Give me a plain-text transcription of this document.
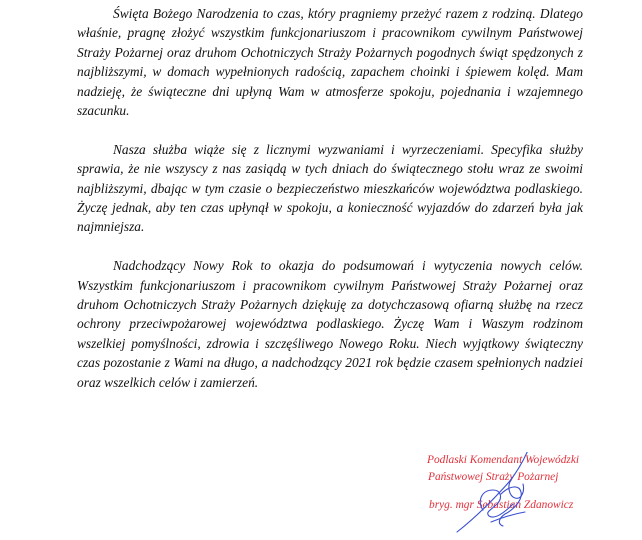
Święta Bożego Narodzenia to czas, który pragniemy przeżyć razem z rodziną. Dlatego właśnie, pragnę złożyć wszystkim funkcjonariuszom i pracownikom cywilnym Państwowej Straży Pożarnej oraz druhom Ochotniczych Straży Pożarnych pogodnych świąt spędzonych z najbliższymi, w domach wypełnionych radością, zapachem choinki i śpiewem kolęd. Mam nadzieję, że świąteczne dni upłyną Wam w atmosferze spokoju, pojednania i wzajemnego szacunku.

Nasza służba wiąże się z licznymi wyzwaniami i wyrzeczeniami. Specyfika służby sprawia, że nie wszyscy z nas zasiądą w tych dniach do świątecznego stołu wraz ze swoimi najbliższymi, dbając w tym czasie o bezpieczeństwo mieszkańców województwa podlaskiego. Życzę jednak, aby ten czas upłynął w spokoju, a konieczność wyjazdów do zdarzeń była jak najmniejsza.

Nadchodzący Nowy Rok to okazja do podsumowań i wytyczenia nowych celów. Wszystkim funkcjonariuszom i pracownikom cywilnym Państwowej Straży Pożarnej oraz druhom Ochotniczych Straży Pożarnych dziękuję za dotychczasową ofiarną służbę na rzecz ochrony przeciwpożarowej województwa podlaskiego. Życzę Wam i Waszym rodzinom wszelkiej pomyślności, zdrowia i szczęśliwego Nowego Roku. Niech wyjątkowy świąteczny czas pozostanie z Wami na długo, a nadchodzący 2021 rok będzie czasem spełnionych nadziei oraz wszelkich celów i zamierzeń.

Podlaski Komendant Wojewódzki
Państwowej Straży Pożarnej
bryg. mgr Sebastian Zdanowicz
